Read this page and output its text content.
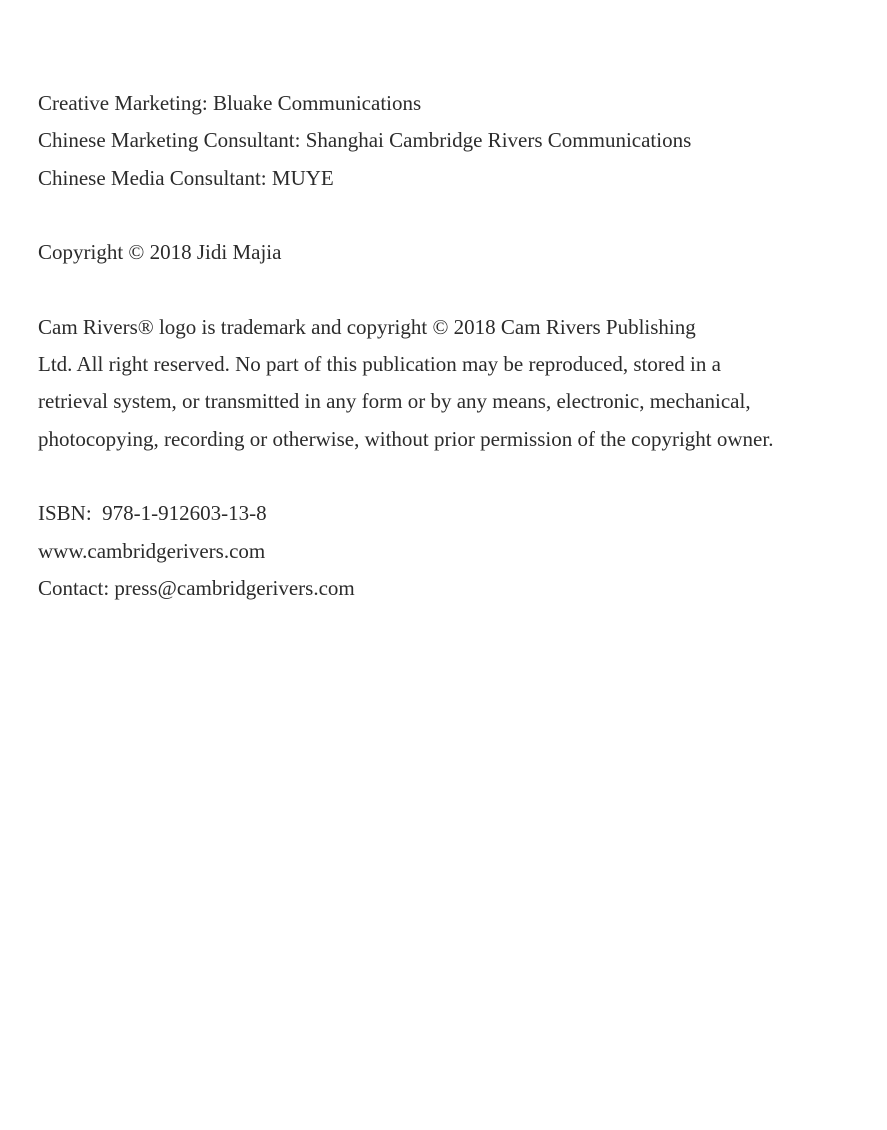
Creative Marketing: Bluake Communications
Chinese Marketing Consultant: Shanghai Cambridge Rivers Communications
Chinese Media Consultant: MUYE
Copyright © 2018 Jidi Majia
Cam Rivers® logo is trademark and copyright © 2018 Cam Rivers Publishing
Ltd. All right reserved. No part of this publication may be reproduced, stored in a
retrieval system, or transmitted in any form or by any means, electronic, mechanical,
photocopying, recording or otherwise, without prior permission of the copyright owner.
ISBN:  978-1-912603-13-8
www.cambridgerivers.com
Contact: press@cambridgerivers.com
